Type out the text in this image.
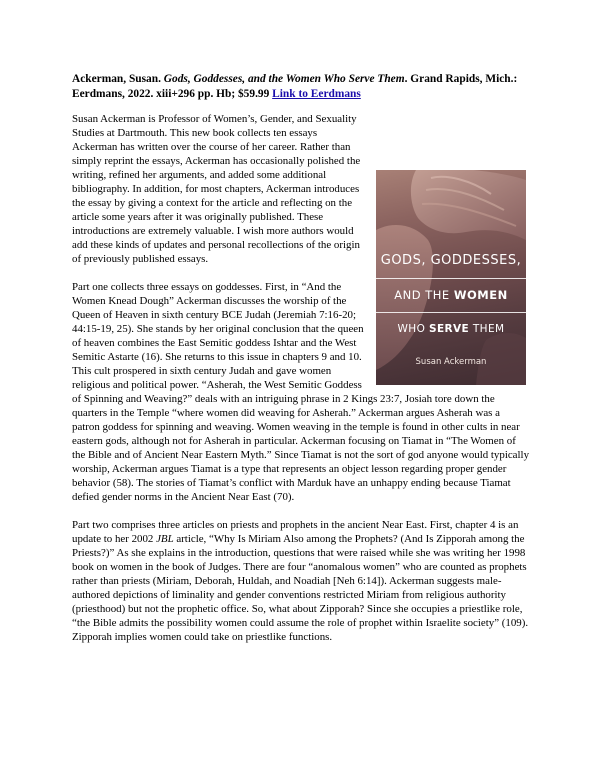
Ackerman, Susan. Gods, Goddesses, and the Women Who Serve Them. Grand Rapids, Mich.: Eerdmans, 2022. xiii+296 pp. Hb; $59.99 Link to Eerdmans
GODS, GODDESSES,
AND THE WOMEN
WHO SERVE THEM
Susan Ackerman

Susan Ackerman is Professor of Women’s, Gender, and Sexuality Studies at Dartmouth. This new book collects ten essays Ackerman has written over the course of her career. Rather than simply reprint the essays, Ackerman has occasionally polished the writing, refined her arguments, and added some additional bibliography. In addition, for most chapters, Ackerman introduces the essay by giving a context for the article and reflecting on the article some years after it was originally published. These introductions are extremely valuable. I wish more authors would add these kinds of updates and personal recollections of the origin of previously published essays.

Part one collects three essays on goddesses. First, in “And the Women Knead Dough” Ackerman discusses the worship of the Queen of Heaven in sixth century BCE Judah (Jeremiah 7:16-20; 44:15-19, 25). She stands by her original conclusion that the queen of heaven combines the East Semitic goddess Ishtar and the West Semitic Astarte (16). She returns to this issue in chapters 9 and 10. This cult prospered in sixth century Judah and gave women religious and political power. “Asherah, the West Semitic Goddess of Spinning and Weaving?” deals with an intriguing phrase in 2 Kings 23:7, Josiah tore down the quarters in the Temple “where women did weaving for Asherah.” Ackerman argues Asherah was a patron goddess for spinning and weaving. Women weaving in the temple is found in other cults in near eastern gods, although not for Asherah in particular. Ackerman focusing on Tiamat in “The Women of the Bible and of Ancient Near Eastern Myth.” Since Tiamat is not the sort of god anyone would typically worship, Ackerman argues Tiamat is a type that represents an object lesson regarding proper gender behavior (58). The stories of Tiamat’s conflict with Marduk have an unhappy ending because Tiamat defied gender norms in the Ancient Near East (70).

Part two comprises three articles on priests and prophets in the ancient Near East. First, chapter 4 is an update to her 2002 JBL article, “Why Is Miriam Also among the Prophets? (And Is Zipporah among the Priests?)” As she explains in the introduction, questions that were raised while she was writing her 1998 book on women in the book of Judges. There are four “anomalous women” who are counted as prophets rather than priests (Miriam, Deborah, Huldah, and Noadiah [Neh 6:14]). Ackerman suggests male-authored depictions of liminality and gender conventions restricted Miriam from religious authority (priesthood) but not the prophetic office. So, what about Zipporah? Since she occupies a priestlike role, “the Bible admits the possibility women could assume the role of prophet within Israelite society” (109). Zipporah implies women could take on priestlike functions.
